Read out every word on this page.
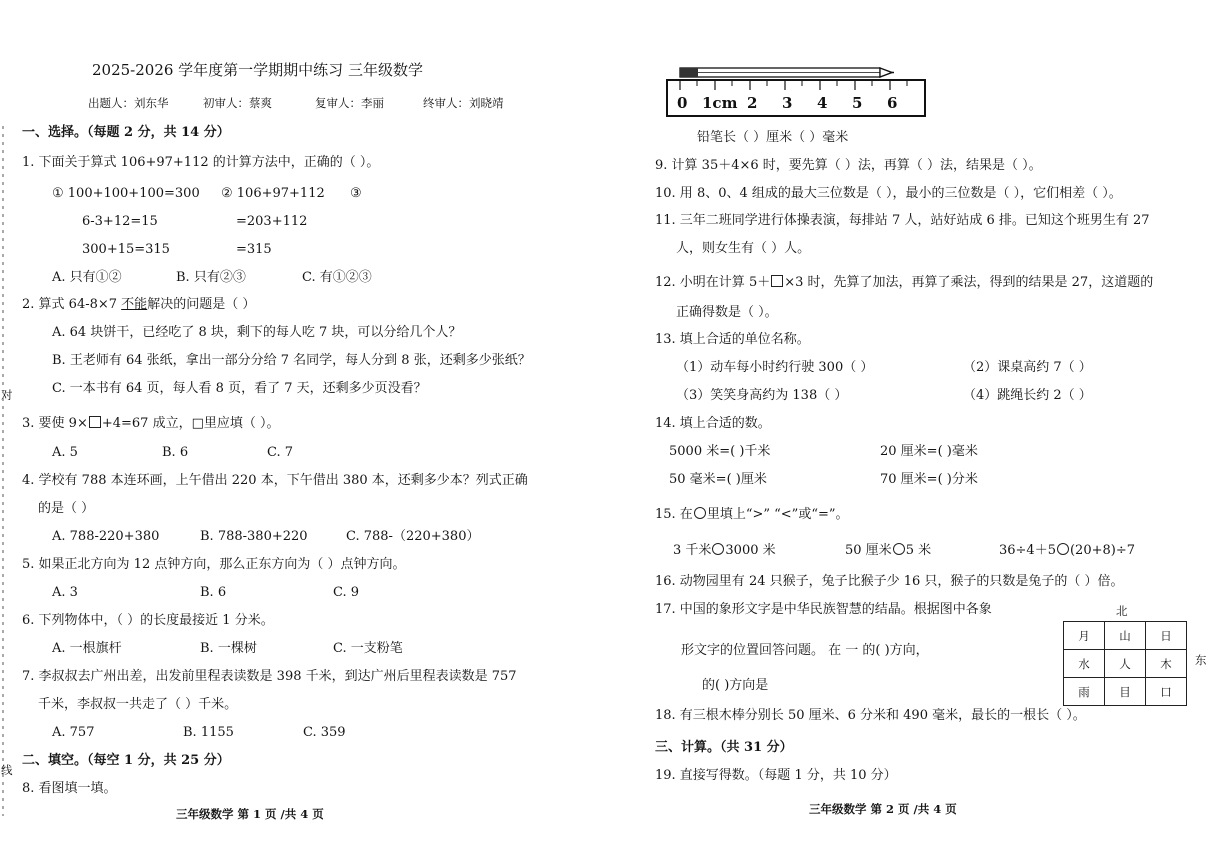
对
线
2025-2026 学年度第一学期期中练习 三年级数学
出题人：刘东华	初审人：蔡爽	复审人：李丽	终审人：刘晓靖
一、选择。（每题 2 分，共 14 分）
1. 下面关于算式 106+97+112 的计算方法中，正确的（ ）。
① 100+100+100=300
6-3+12=15
300+15=315
② 106+97+112
=203+112
=315
③
A. 只有①②	B. 只有②③	C. 有①②③
2. 算式 64-8×7 不能解决的问题是（ ）
A. 64 块饼干，已经吃了 8 块，剩下的每人吃 7 块，可以分给几个人？
B. 王老师有 64 张纸，拿出一部分分给 7 名同学，每人分到 8 张，还剩多少张纸？
C. 一本书有 64 页，每人看 8 页，看了 7 天，还剩多少页没看？
3. 要使 9× +4=67 成立，□里应填（ ）。
A. 5	B. 6	C. 7
4. 学校有 788 本连环画，上午借出 220 本，下午借出 380 本，还剩多少本？列式正确
的是（ ）
A. 788-220+380	B. 788-380+220	C. 788-（220+380）
5. 如果正北方向为 12 点钟方向，那么正东方向为（ ）点钟方向。
A. 3	B. 6	C. 9
6. 下列物体中，（ ）的长度最接近 1 分米。
A. 一根旗杆	B. 一棵树	C. 一支粉笔
7. 李叔叔去广州出差，出发前里程表读数是 398 千米，到达广州后里程表读数是 757
千米，李叔叔一共走了（ ）千米。
A. 757	B. 1155	C. 359
二、填空。（每空 1 分，共 25 分）
8. 看图填一填。
三年级数学 第 1 页 /共 4 页
0 1cm 2 3 4 5 6
铅笔长（ ）厘米（ ）毫米
9. 计算 35＋4×6 时，要先算（ ）法，再算（ ）法，结果是（ ）。
10. 用 8、0、4 组成的最大三位数是（ ），最小的三位数是（ ），它们相差（ ）。
11. 三年二班同学进行体操表演，每排站 7 人，站好站成 6 排。已知这个班男生有 27
人，则女生有（ ）人。
12. 小明在计算 5＋ ×3 时，先算了加法，再算了乘法，得到的结果是 27，这道题的
正确得数是（ ）。
13. 填上合适的单位名称。
（1）动车每小时约行驶 300（ ）	（2）课桌高约 7（ ）
（3）笑笑身高约为 138（ ）	（4）跳绳长约 2（ ）
14. 填上合适的数。
5000 米=( )千米	20 厘米=( )毫米
50 毫米=( )厘米	70 厘米=( )分米
15. 在 里填上“>” “<”或“=”。
3 千米 3000 米	50 厘米 5 米	36÷4＋5 (20+8)÷7
16. 动物园里有 24 只猴子，兔子比猴子少 16 只，猴子的只数是兔子的（ ）倍。
17. 中国的象形文字是中华民族智慧的结晶。根据图中各象
形文字的位置回答问题。 在 ⼀ 的( )方向，
的( )方向是
北
月	山	日
水	人	木
雨	目	口
东
18. 有三根木棒分别长 50 厘米、6 分米和 490 毫米，最长的一根长（ ）。
三、计算。（共 31 分）
19. 直接写得数。（每题 1 分，共 10 分）
三年级数学 第 2 页 /共 4 页
